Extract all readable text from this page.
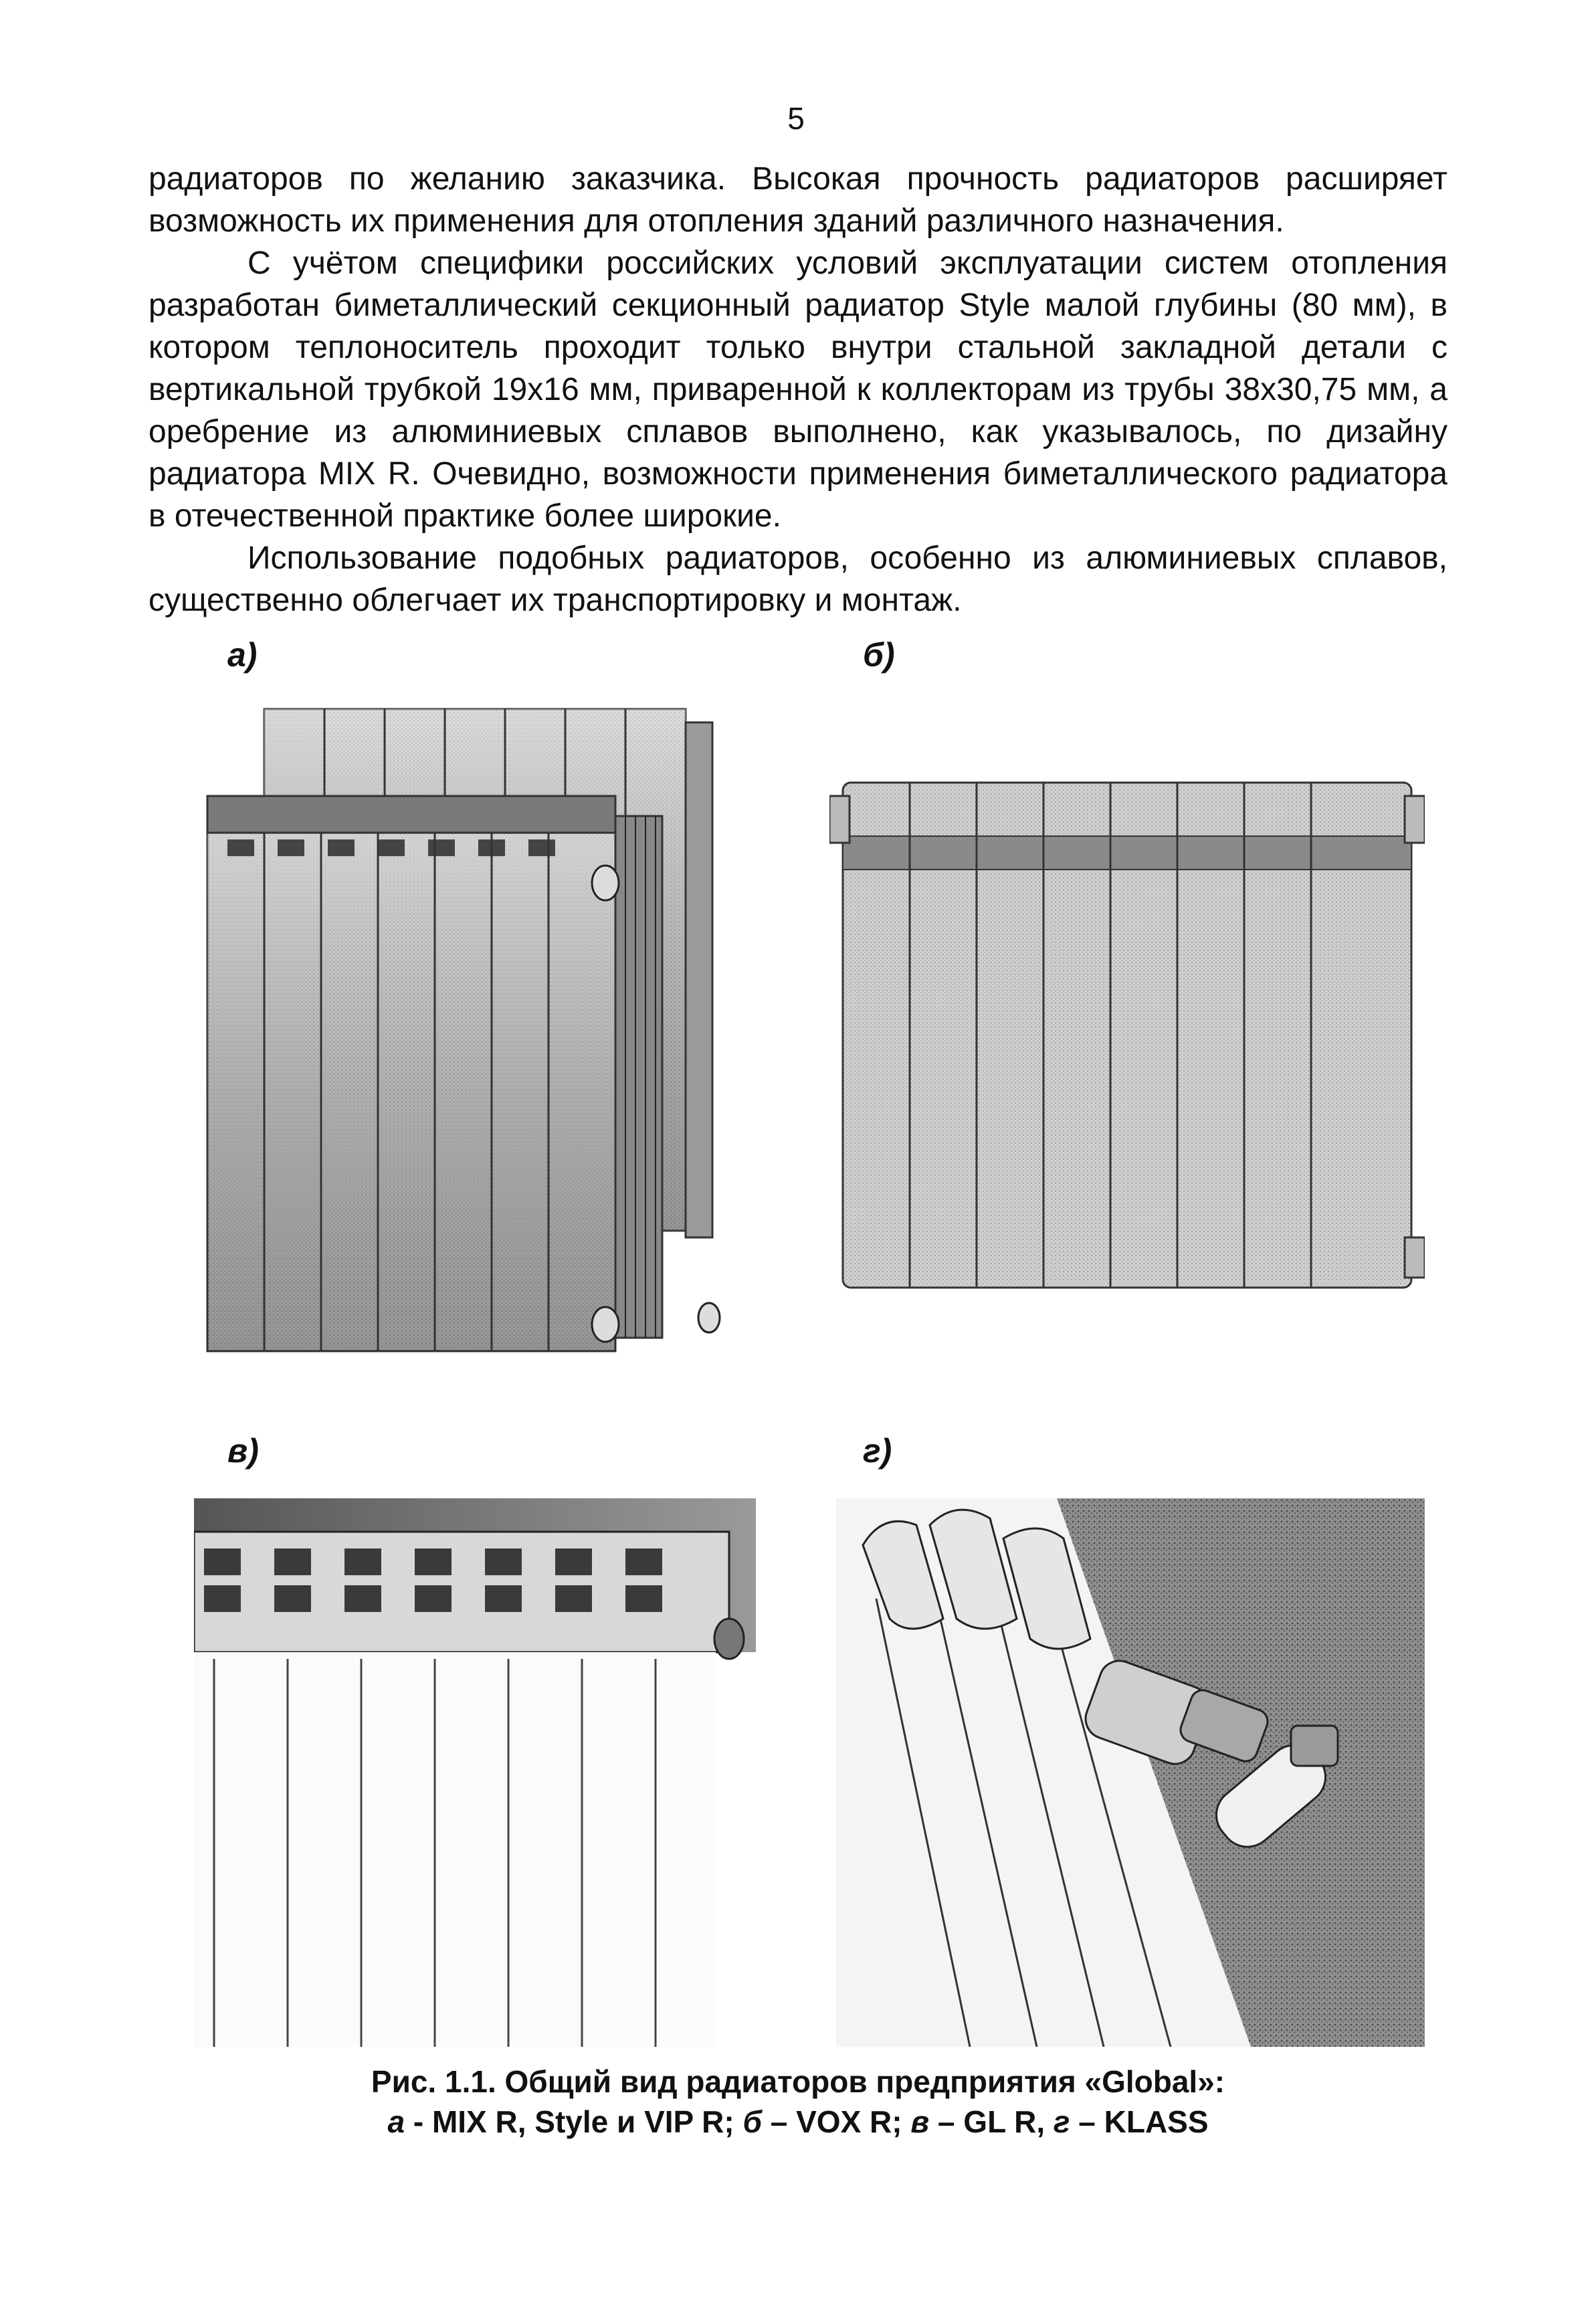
5

радиаторов по желанию заказчика. Высокая прочность радиаторов расширяет возможность их применения для отопления зданий различного назначения.

С учётом специфики российских условий эксплуатации систем отопления разработан биметаллический секционный радиатор Style малой глубины (80 мм), в котором теплоноситель проходит только внутри стальной закладной детали с вертикальной трубкой 19х16 мм, приваренной к коллекторам из трубы 38х30,75 мм, а оребрение из алюминиевых сплавов выполнено, как указывалось, по дизайну радиатора MIX R. Очевидно, возможности применения биметаллического радиатора в отечественной практике более широкие.

Использование подобных радиаторов, особенно из алюминиевых сплавов, существенно облегчает их транспортировку и монтаж.

а)	б)
в)	г)
Рис. 1.1. Общий вид радиаторов предприятия «Global»:
а - MIX R, Style и VIP R; б – VOX R; в – GL R, г – KLASS
